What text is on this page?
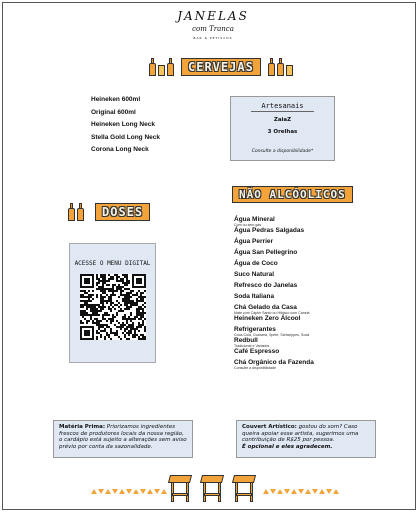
JANELAS
com Tranca
BAR & PETISCOS
CERVEJAS
Heineken 600ml
Original 600ml
Heineken Long Neck
Stella Gold Long Neck
Corona Long Neck
Artesanais
ZaiaZ
3 Orelhas
Consulte a disponibilidade*
NÃO ALCÓOLICOS
DOSES
ACESSE O MENU DIGITAL
Água Mineral
Com ou sem gás
Água Pedras Salgadas
Água Perrier
Água San Pellegrino
Água de Coco
Suco Natural
Refresco do Janelas
Soda Italiana
Chá Gelado da Casa
Mate com Capim Santo ou Hibisco com Canela
Heineken Zero Álcool
Refrigerantes
Coca-Cola, Guaraná, Sprite, Schweppes, Soda
Redbull
Tradicional e Variados
Café Espresso
Chá Orgânico da Fazenda
Consulte a disponibilidade
Matéria Prima: Priorizamos ingredientes frescos de produtores locais da nossa região, o cardápio está sujeito a alterações sem aviso prévio por conta da sazonalidade.
Couvert Artístico: gostou do som? Caso queira apoiar esse artista, sugerimos uma contribuição de R$25 por pessoa.
É opcional e eles agradecem.
